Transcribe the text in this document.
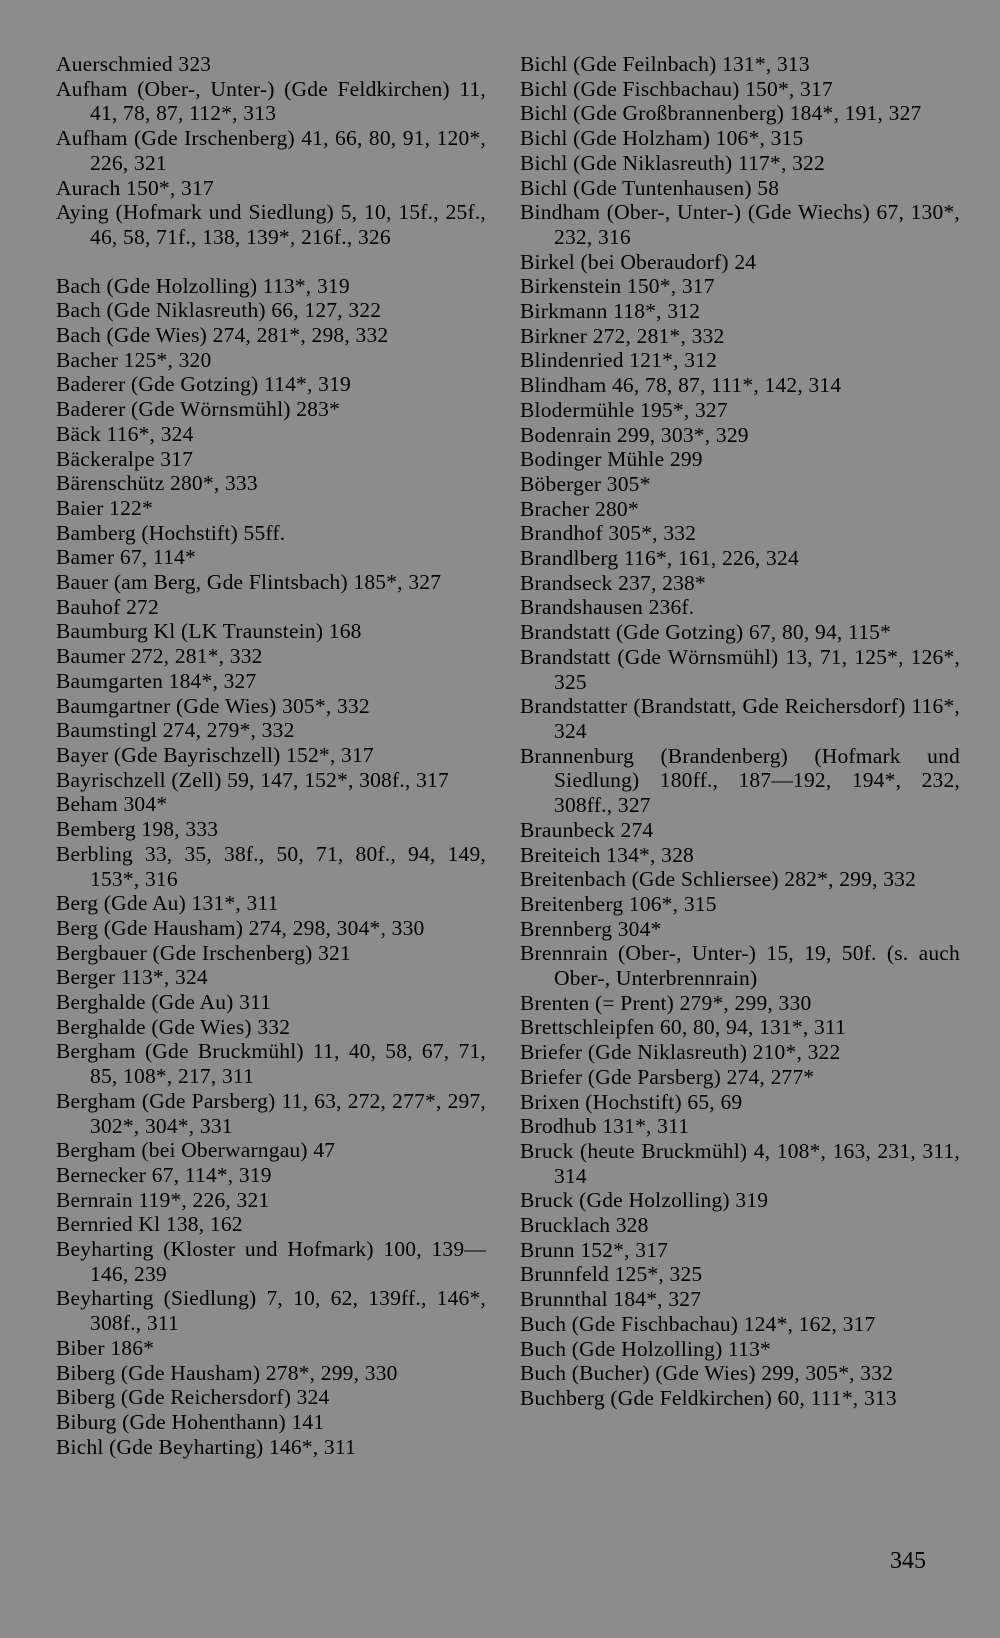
Auerschmied 323
Aufham (Ober-, Unter-) (Gde Feldkirchen) 11, 41, 78, 87, 112*, 313
Aufham (Gde Irschenberg) 41, 66, 80, 91, 120*, 226, 321
Aurach 150*, 317
Aying (Hofmark und Siedlung) 5, 10, 15f., 25f., 46, 58, 71f., 138, 139*, 216f., 326
Bach (Gde Holzolling) 113*, 319
Bach (Gde Niklasreuth) 66, 127, 322
Bach (Gde Wies) 274, 281*, 298, 332
Bacher 125*, 320
Baderer (Gde Gotzing) 114*, 319
Baderer (Gde Wörnsmühl) 283*
Bäck 116*, 324
Bäckeralpe 317
Bärenschütz 280*, 333
Baier 122*
Bamberg (Hochstift) 55ff.
Bamer 67, 114*
Bauer (am Berg, Gde Flintsbach) 185*, 327
Bauhof 272
Baumburg Kl (LK Traunstein) 168
Baumer 272, 281*, 332
Baumgarten 184*, 327
Baumgartner (Gde Wies) 305*, 332
Baumstingl 274, 279*, 332
Bayer (Gde Bayrischzell) 152*, 317
Bayrischzell (Zell) 59, 147, 152*, 308f., 317
Beham 304*
Bemberg 198, 333
Berbling 33, 35, 38f., 50, 71, 80f., 94, 149, 153*, 316
Berg (Gde Au) 131*, 311
Berg (Gde Hausham) 274, 298, 304*, 330
Bergbauer (Gde Irschenberg) 321
Berger 113*, 324
Berghalde (Gde Au) 311
Berghalde (Gde Wies) 332
Bergham (Gde Bruckmühl) 11, 40, 58, 67, 71, 85, 108*, 217, 311
Bergham (Gde Parsberg) 11, 63, 272, 277*, 297, 302*, 304*, 331
Bergham (bei Oberwarngau) 47
Bernecker 67, 114*, 319
Bernrain 119*, 226, 321
Bernried Kl 138, 162
Beyharting (Kloster und Hofmark) 100, 139—146, 239
Beyharting (Siedlung) 7, 10, 62, 139ff., 146*, 308f., 311
Biber 186*
Biberg (Gde Hausham) 278*, 299, 330
Biberg (Gde Reichersdorf) 324
Biburg (Gde Hohenthann) 141
Bichl (Gde Beyharting) 146*, 311
Bichl (Gde Feilnbach) 131*, 313
Bichl (Gde Fischbachau) 150*, 317
Bichl (Gde Großbrannenberg) 184*, 191, 327
Bichl (Gde Holzham) 106*, 315
Bichl (Gde Niklasreuth) 117*, 322
Bichl (Gde Tuntenhausen) 58
Bindham (Ober-, Unter-) (Gde Wiechs) 67, 130*, 232, 316
Birkel (bei Oberaudorf) 24
Birkenstein 150*, 317
Birkmann 118*, 312
Birkner 272, 281*, 332
Blindenried 121*, 312
Blindham 46, 78, 87, 111*, 142, 314
Blodermühle 195*, 327
Bodenrain 299, 303*, 329
Bodinger Mühle 299
Böberger 305*
Bracher 280*
Brandhof 305*, 332
Brandlberg 116*, 161, 226, 324
Brandseck 237, 238*
Brandshausen 236f.
Brandstatt (Gde Gotzing) 67, 80, 94, 115*
Brandstatt (Gde Wörnsmühl) 13, 71, 125*, 126*, 325
Brandstatter (Brandstatt, Gde Reichersdorf) 116*, 324
Brannenburg (Brandenberg) (Hofmark und Siedlung) 180ff., 187—192, 194*, 232, 308ff., 327
Braunbeck 274
Breiteich 134*, 328
Breitenbach (Gde Schliersee) 282*, 299, 332
Breitenberg 106*, 315
Brennberg 304*
Brennrain (Ober-, Unter-) 15, 19, 50f. (s. auch Ober-, Unterbrennrain)
Brenten (= Prent) 279*, 299, 330
Brettschleipfen 60, 80, 94, 131*, 311
Briefer (Gde Niklasreuth) 210*, 322
Briefer (Gde Parsberg) 274, 277*
Brixen (Hochstift) 65, 69
Brodhub 131*, 311
Bruck (heute Bruckmühl) 4, 108*, 163, 231, 311, 314
Bruck (Gde Holzolling) 319
Brucklach 328
Brunn 152*, 317
Brunnfeld 125*, 325
Brunnthal 184*, 327
Buch (Gde Fischbachau) 124*, 162, 317
Buch (Gde Holzolling) 113*
Buch (Bucher) (Gde Wies) 299, 305*, 332
Buchberg (Gde Feldkirchen) 60, 111*, 313
345
